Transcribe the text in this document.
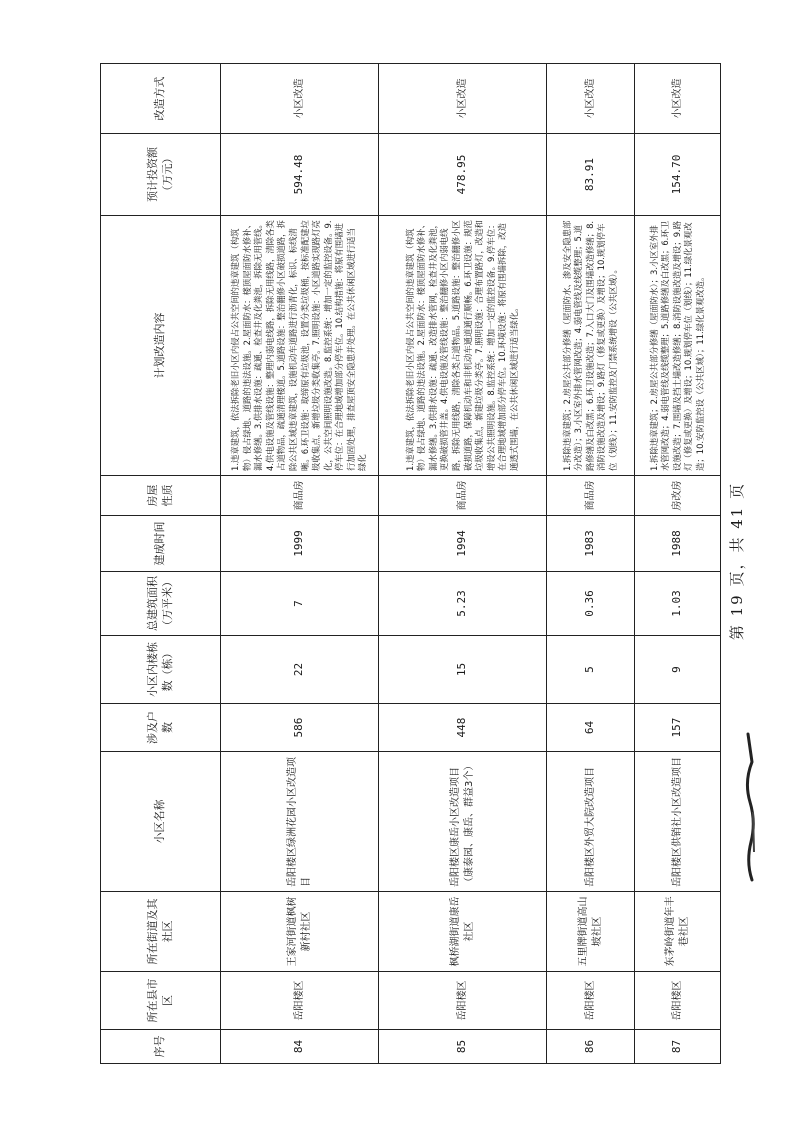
序号	所在县市区	所在街道及其社区	小区名称	涉及户数	小区内楼栋数（栋）	总建筑面积（万平米）	建成时间	房屋性质	计划改造内容	预计投资额（万元）	改造方式
84	岳阳楼区	王家河街道枫树新村社区	岳阳楼区绿洲花园小区改造项目	586	22	7	1999	商品房	1.违章建筑，依法拆除老旧小区内侵占公共空间的违章建筑（构筑物）侵占绿地、道路的违法设施。2.屋面防水：楼顶屋面防水修补、漏水修缮。3.供排水设施：疏通、检查井及化粪池，拆除无用管线。4.供电设施及管线设施：整理内弱电线路，拆除无用线路，清除各类占道物品，疏通清理楼道。5.道路设施：整治翻修小区破损道路，拆除公共区域违章建筑，设施机动车道路进行沥青化，标识、标线清晰。6.环卫设施：取缔原有垃圾池，设置分类垃圾桶，按标准配建垃圾收集点，新增垃圾分类收集亭。7.照明设施：小区道路实现路灯亮化，公共空间照明设施改造。8.监控系统：增加一定的监控设备。9.停车位：在合理地域增加部分停车位。10.结构措施：将原有围墙进行加固处理，排查屋顶安全隐患并处理。在公共休闲区域进行适当绿化	594.48	小区改造
85	岳阳楼区	枫桥湖街道康岳社区	岳阳楼区康岳小区改造项目（康泰园、康岳、群益3个）	448	15	5.23	1994	商品房	1.违章建筑，依法拆除老旧小区内侵占公共空间的违章建筑（构筑物）侵占绿地、道路的违法设施。2.屋面防水：楼顶屋面防水修补、漏水修缮。3.供排水设施：疏通、改造排水管网，检查井及化粪池，更换破损管井盖。4.供电设施及管线设施：整治翻修小区内弱电线路，拆除无用线路，清除各类占道物品。5.道路设施：整治翻修小区破损道路，保障机动车和非机动车通道通行顺畅。6.环卫设施：规范垃圾收集点，新建垃圾分类亭。7.照明设施：合理布置路灯，改造和增设公共照明设施。8.监控系统：增加一定的监控设备。9.停车位：在合理地域增加部分停车位。10.环境设施：将原有围墙拆除，改造通透式围墙，在公共休闲区域进行适当绿化。	478.95	小区改造
86	岳阳楼区	五里牌街道高山坡社区	岳阳楼区外贸大院改造项目	64	5	0.36	1983	商品房	1.拆除违章建筑；2.房屋公共部分修缮（屋面防水、渗及安全隐患部分改造）；3.小区室外排水管网改造；4.弱电管线及线缆整理；5.道路修缮及白改黑；6.环卫设施改造；7.入口大门及围墙改造修缮；8.消防设施改造及增设；9.路灯（修复或更换）及增设；10.规划停车位（划线）；11.安防监控及门禁系统增设（公共区域）。	83.91	小区改造
87	岳阳楼区	东茅岭街道年丰巷社区	岳阳楼区供销社小区改造项目	157	9	1.03	1988	房改房	1.拆除违章建筑；2.房屋公共部分修缮（屋面防水）；3.小区室外排水管网改造；4.弱电管线及线缆整理；5.道路修缮及白改黑；6.环卫设施改造；7.围墙及挡土墙改造修缮；8.消防设施改造及增设；9.路灯（修复或更换）及增设；10.规划停车位（划线）；11.绿化景观改造；10.安防监控设（公共区域）；11.绿化景观改造。	154.70	小区改造
第 19 页，共 41 页
